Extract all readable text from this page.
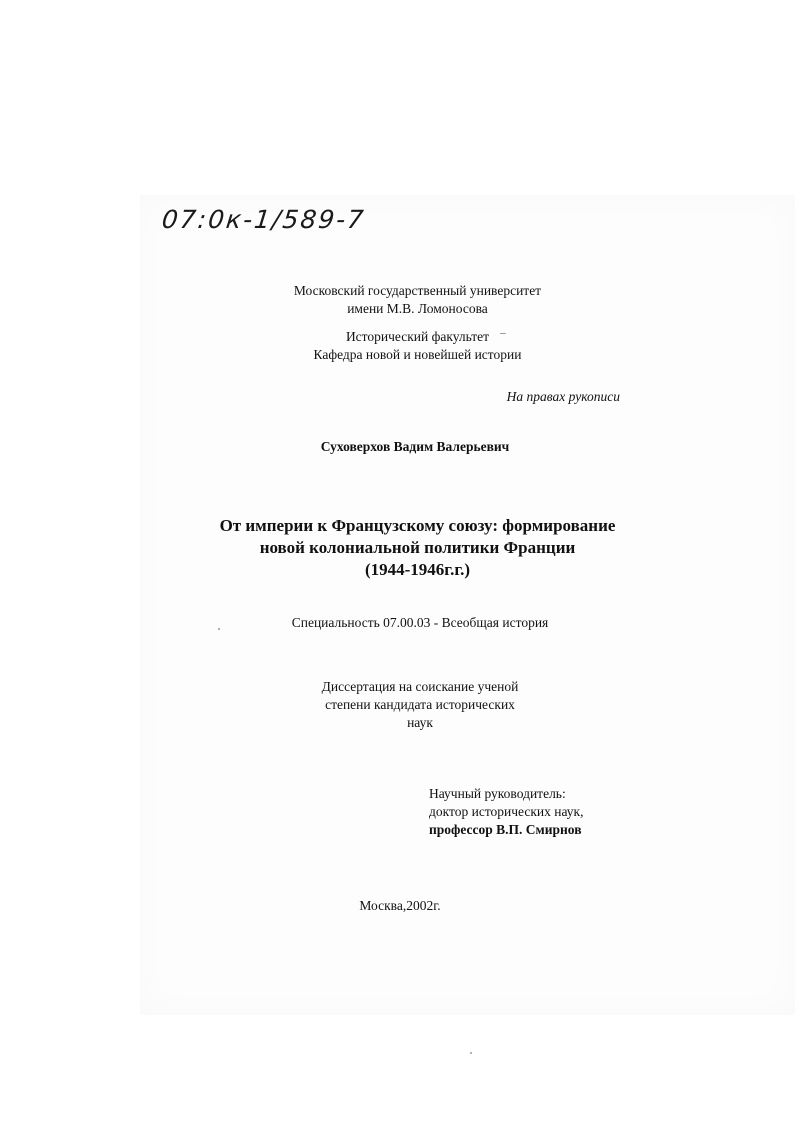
07:0к-1/589-7
Московский государственный университет
имени М.В. Ломоносова
Исторический факультет
Кафедра новой и новейшей истории
На правах рукописи
Суховерхов Вадим Валерьевич
От империи к Французскому союзу: формирование
новой колониальной политики Франции
(1944-1946г.г.)
Специальность 07.00.03 - Всеобщая история
Диссертация на соискание ученой
степени кандидата исторических
наук
Научный руководитель:
доктор исторических наук,
профессор В.П. Смирнов
Москва,2002г.
